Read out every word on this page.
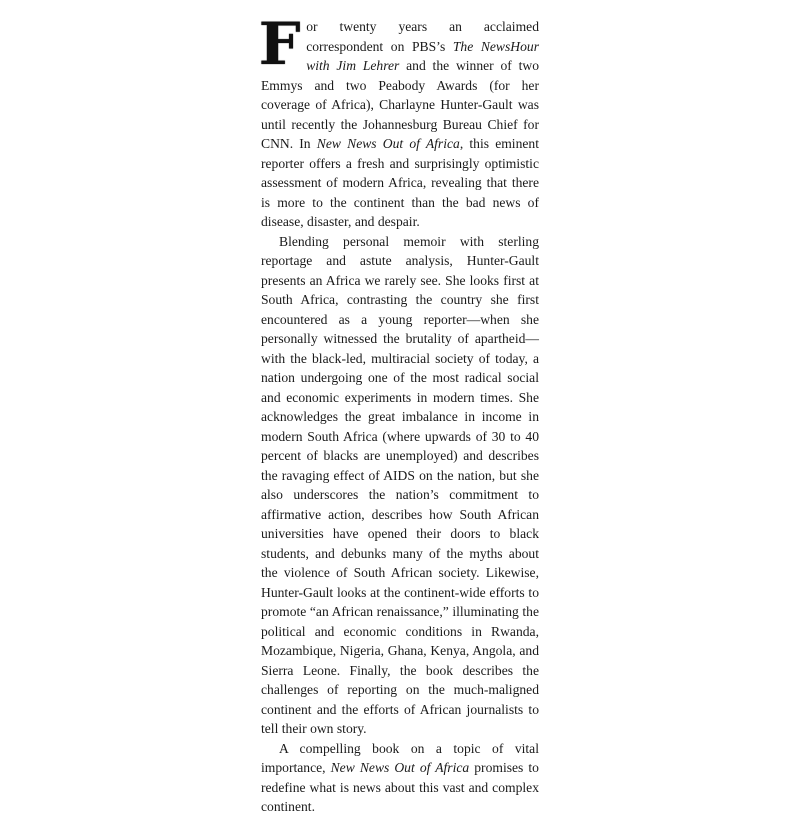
For twenty years an acclaimed correspondent on PBS’s The NewsHour with Jim Lehrer and the winner of two Emmys and two Peabody Awards (for her coverage of Africa), Charlayne Hunter-Gault was until recently the Johannesburg Bureau Chief for CNN. In New News Out of Africa, this eminent reporter offers a fresh and surprisingly optimistic assessment of modern Africa, revealing that there is more to the continent than the bad news of disease, disaster, and despair.

Blending personal memoir with sterling reportage and astute analysis, Hunter-Gault presents an Africa we rarely see. She looks first at South Africa, contrasting the country she first encountered as a young reporter—when she personally witnessed the brutality of apartheid—with the black-led, multiracial society of today, a nation undergoing one of the most radical social and economic experiments in modern times. She acknowledges the great imbalance in income in modern South Africa (where upwards of 30 to 40 percent of blacks are unemployed) and describes the ravaging effect of AIDS on the nation, but she also underscores the nation’s commitment to affirmative action, describes how South African universities have opened their doors to black students, and debunks many of the myths about the violence of South African society. Likewise, Hunter-Gault looks at the continent-wide efforts to promote “an African renaissance,” illuminating the political and economic conditions in Rwanda, Mozambique, Nigeria, Ghana, Kenya, Angola, and Sierra Leone. Finally, the book describes the challenges of reporting on the much-maligned continent and the efforts of African journalists to tell their own story.

A compelling book on a topic of vital importance, New News Out of Africa promises to redefine what is news about this vast and complex continent.
